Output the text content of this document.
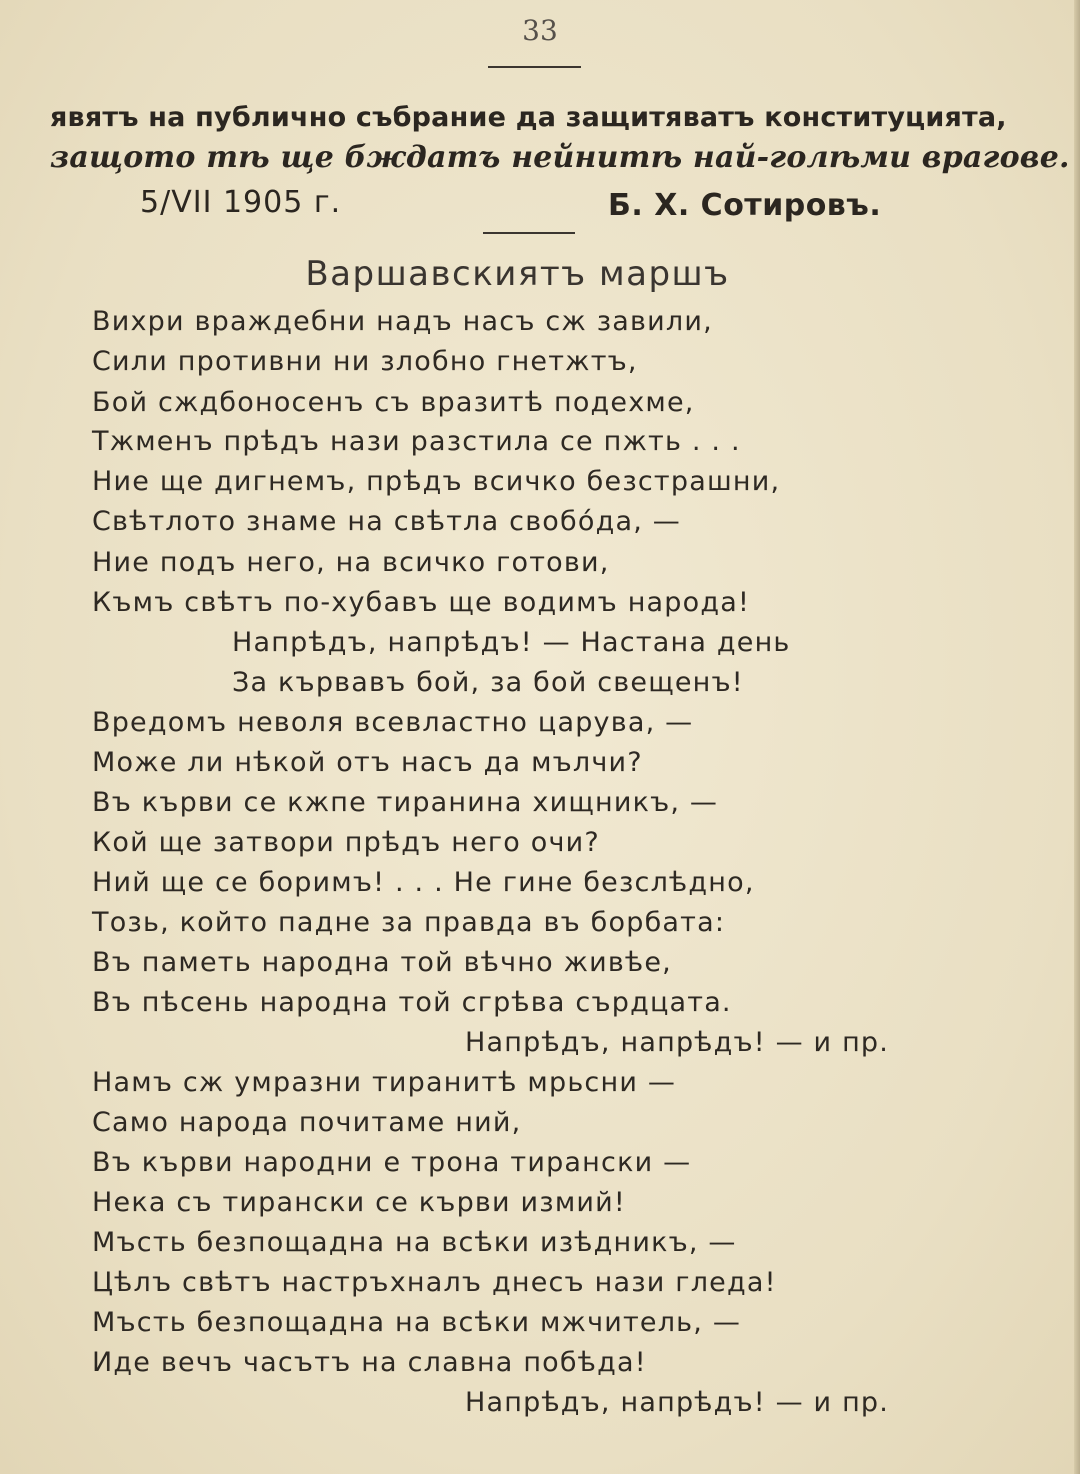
33
явятъ на публично събрание да защитяватъ конституцията,
защото тѣ ще бждатъ нейнитѣ най-голѣми врагове.
5/VII 1905 г.	Б. Х. Сотировъ.
Варшавскиятъ маршъ
Вихри враждебни надъ насъ сж завили,
Сили противни ни злобно гнетжтъ,
Бой сждбоносенъ съ вразитѣ подехме,
Тжменъ прѣдъ нази разстила се пжть . . .
Ние ще дигнемъ, прѣдъ всичко безстрашни,
Свѣтлото знаме на свѣтла свобóда, —
Ние подъ него, на всичко готови,
Къмъ свѣтъ по-хубавъ ще водимъ народа!
Напрѣдъ, напрѣдъ! — Настана день
За кървавъ бой, за бой свещенъ!
Вредомъ неволя всевластно царува, —
Може ли нѣкой отъ насъ да мълчи?
Въ кърви се кжпе тиранина хищникъ, —
Кой ще затвори прѣдъ него очи?
Ний ще се боримъ! . . . Не гине безслѣдно,
Тозь, който падне за правда въ борбата:
Въ паметь народна той вѣчно живѣе,
Въ пѣсень народна той сгрѣва сърдцата.
Напрѣдъ, напрѣдъ! — и пр.
Намъ сж умразни тиранитѣ мрьсни —
Само народа почитаме ний,
Въ кърви народни е трона тирански —
Нека съ тирански се кърви измий!
Мъсть безпощадна на всѣки изѣдникъ, —
Цѣлъ свѣтъ настръхналъ днесъ нази гледа!
Мъсть безпощадна на всѣки мжчитель, —
Иде вечъ часътъ на славна побѣда!
Напрѣдъ, напрѣдъ! — и пр.
